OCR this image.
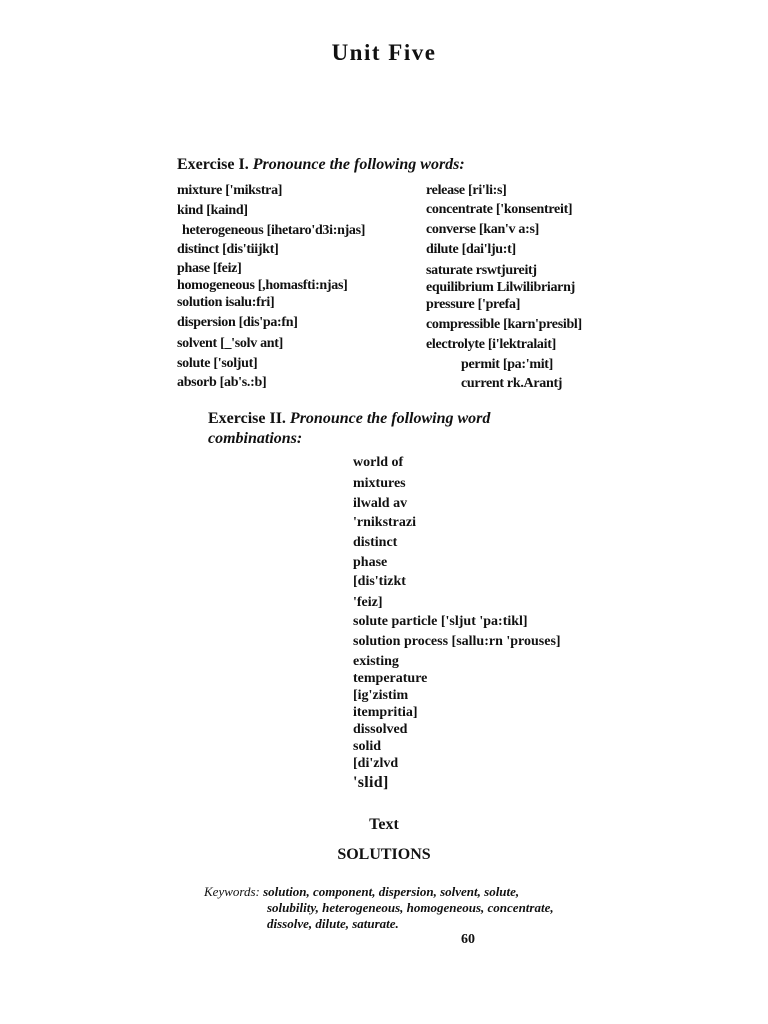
Unit Five
Exercise I. Pronounce the following words:
mixture ['mikstra]
kind [kaind]
heterogeneous [ihetaro'd3i:njas]
distinct [dis'tiijkt]
phase [feiz]
homogeneous [,homasfti:njas]
solution isalu:fri]
dispersion [dis'pa:fn]
solvent [_'solv ant]
solute ['soljut]
absorb [ab's.:b]
release [ri'li:s]
concentrate ['konsentreit]
converse [kan'v a:s]
dilute [dai'lju:t]
saturate rswtjureitj
equilibrium Lilwilibriarnj
pressure ['prefa]
compressible [karn'presibl]
electrolyte [i'lektralait]
permit [pa:'mit]
current rk.Arantj
Exercise II. Pronounce the following word
combinations:
world of
mixtures
ilwald av
'rnikstrazi
distinct
phase
[dis'tizkt
'feiz]
solute particle ['sljut 'pa:tikl]
solution process [sallu:rn 'prouses]
existing
temperature
[ig'zistim
itempritia]
dissolved
solid
[di'zlvd
'slid]
Text
SOLUTIONS
Keywords: solution, component, dispersion, solvent, solute,
solubility, heterogeneous, homogeneous, concentrate,
dissolve, dilute, saturate.
60
